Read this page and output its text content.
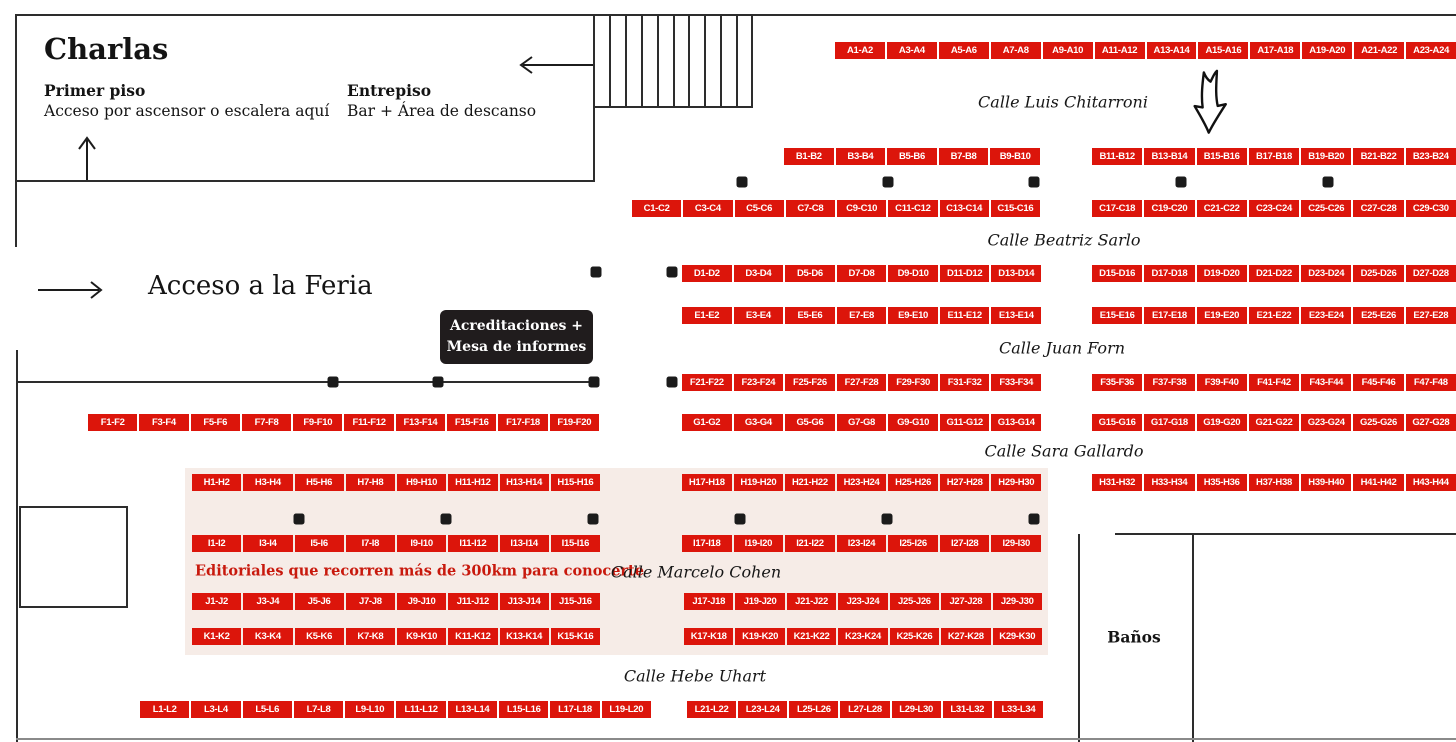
Charlas
Primer piso
Acceso por ascensor o escalera aquí
Entrepiso
Bar + Área de descanso
Acceso a la Feria
Acreditaciones +
Mesa de informes
Editoriales que recorren más de 300km para conocerte
Baños
Calle Luis Chitarroni
Calle Beatriz Sarlo
Calle Juan Forn
Calle Sara Gallardo
Calle Marcelo Cohen
Calle Hebe Uhart
A1-A2	A3-A4	A5-A6	A7-A8	A9-A10	A11-A12	A13-A14	A15-A16	A17-A18	A19-A20	A21-A22	A23-A24
B1-B2	B3-B4	B5-B6	B7-B8	B9-B10	B11-B12	B13-B14	B15-B16	B17-B18	B19-B20	B21-B22	B23-B24
C1-C2	C3-C4	C5-C6	C7-C8	C9-C10	C11-C12	C13-C14	C15-C16	C17-C18	C19-C20	C21-C22	C23-C24	C25-C26	C27-C28	C29-C30
D1-D2	D3-D4	D5-D6	D7-D8	D9-D10	D11-D12	D13-D14	D15-D16	D17-D18	D19-D20	D21-D22	D23-D24	D25-D26	D27-D28
E1-E2	E3-E4	E5-E6	E7-E8	E9-E10	E11-E12	E13-E14	E15-E16	E17-E18	E19-E20	E21-E22	E23-E24	E25-E26	E27-E28
F1-F2	F3-F4	F5-F6	F7-F8	F9-F10	F11-F12	F13-F14	F15-F16	F17-F18	F19-F20
F21-F22	F23-F24	F25-F26	F27-F28	F29-F30	F31-F32	F33-F34	F35-F36	F37-F38	F39-F40	F41-F42	F43-F44	F45-F46	F47-F48
G1-G2	G3-G4	G5-G6	G7-G8	G9-G10	G11-G12	G13-G14	G15-G16	G17-G18	G19-G20	G21-G22	G23-G24	G25-G26	G27-G28
H1-H2	H3-H4	H5-H6	H7-H8	H9-H10	H11-H12	H13-H14	H15-H16	H17-H18	H19-H20	H21-H22	H23-H24	H25-H26	H27-H28	H29-H30	H31-H32	H33-H34	H35-H36	H37-H38	H39-H40	H41-H42	H43-H44
I1-I2	I3-I4	I5-I6	I7-I8	I9-I10	I11-I12	I13-I14	I15-I16	I17-I18	I19-I20	I21-I22	I23-I24	I25-I26	I27-I28	I29-I30
J1-J2	J3-J4	J5-J6	J7-J8	J9-J10	J11-J12	J13-J14	J15-J16	J17-J18	J19-J20	J21-J22	J23-J24	J25-J26	J27-J28	J29-J30
K1-K2	K3-K4	K5-K6	K7-K8	K9-K10	K11-K12	K13-K14	K15-K16	K17-K18	K19-K20	K21-K22	K23-K24	K25-K26	K27-K28	K29-K30
L1-L2	L3-L4	L5-L6	L7-L8	L9-L10	L11-L12	L13-L14	L15-L16	L17-L18	L19-L20	L21-L22	L23-L24	L25-L26	L27-L28	L29-L30	L31-L32	L33-L34
